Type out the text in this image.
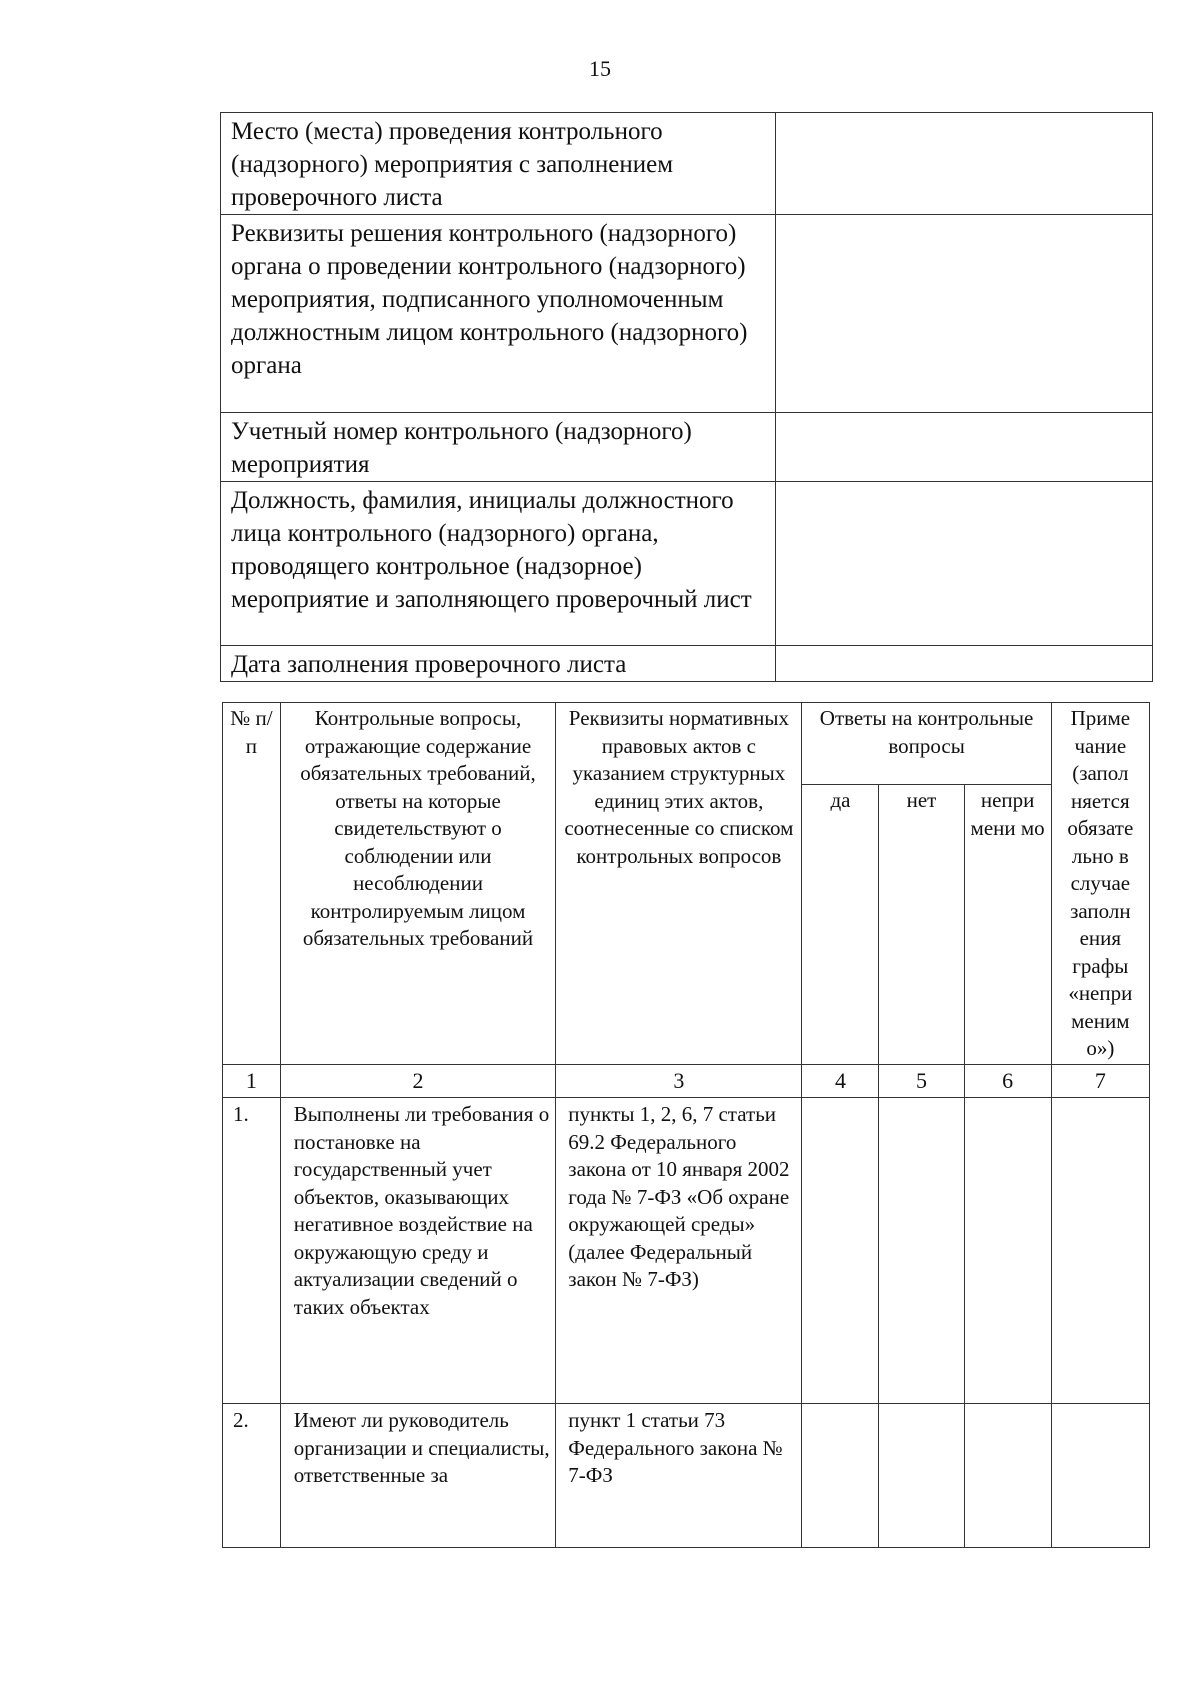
15
Место (места) проведения контрольного (надзорного) мероприятия с заполнением проверочного листа	
Реквизиты решения контрольного (надзорного) органа о проведении контрольного (надзорного) мероприятия, подписанного уполномоченным должностным лицом контрольного (надзорного) органа	
Учетный номер контрольного (надзорного) мероприятия	
Должность, фамилия, инициалы должностного лица контрольного (надзорного) органа, проводящего контрольное (надзорное) мероприятие и заполняющего проверочный лист	
Дата заполнения проверочного листа	
№ п/п	Контрольные вопросы, отражающие содержание обязательных требований, ответы на которые свидетельствуют о соблюдении или несоблюдении контролируемым лицом обязательных требований	Реквизиты нормативных правовых актов с указанием структурных единиц этих актов, соотнесенные со списком контрольных вопросов	Ответы на контрольные вопросы			Приме чание (запол няется обязате льно в случае заполн ения графы «непри меним о»)
			да	нет	непри мени мо	
1	2	3	4	5	6	7
1.	Выполнены ли требования о постановке на государственный учет объектов, оказывающих негативное воздействие на окружающую среду и актуализации сведений о таких объектах	пункты 1, 2, 6, 7 статьи 69.2 Федерального закона от 10 января 2002 года № 7-ФЗ «Об охране окружающей среды» (далее Федеральный закон № 7-ФЗ)				
2.	Имеют ли руководитель организации и специалисты, ответственные за	пункт 1 статьи 73 Федерального закона № 7-ФЗ				
